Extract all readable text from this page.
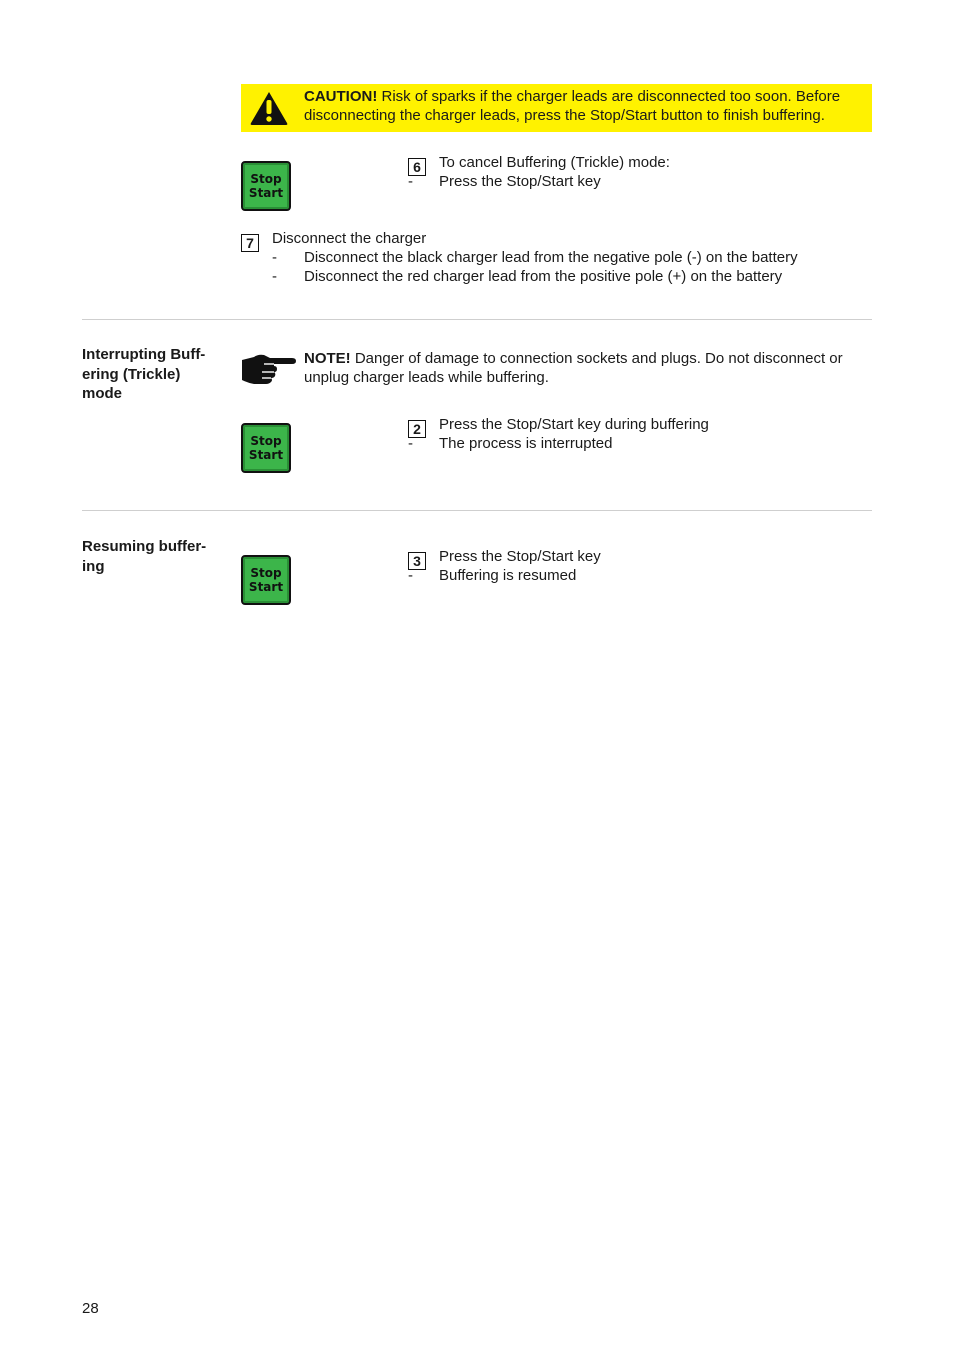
CAUTION! Risk of sparks if the charger leads are disconnected too soon. Before disconnecting the charger leads, press the Stop/Start button to finish buffering.
Stop
Start
6	To cancel Buffering (Trickle) mode:
-	Press the Stop/Start key
7	Disconnect the charger
-	Disconnect the black charger lead from the negative pole (-) on the battery
-	Disconnect the red charger lead from the positive pole (+) on the battery
Interrupting Buff-
ering (Trickle)
mode
NOTE! Danger of damage to connection sockets and plugs. Do not disconnect or unplug charger leads while buffering.
Stop
Start
2	Press the Stop/Start key during buffering
-	The process is interrupted
Resuming buffer-
ing	Stop
Start
3	Press the Stop/Start key
-	Buffering is resumed
28
